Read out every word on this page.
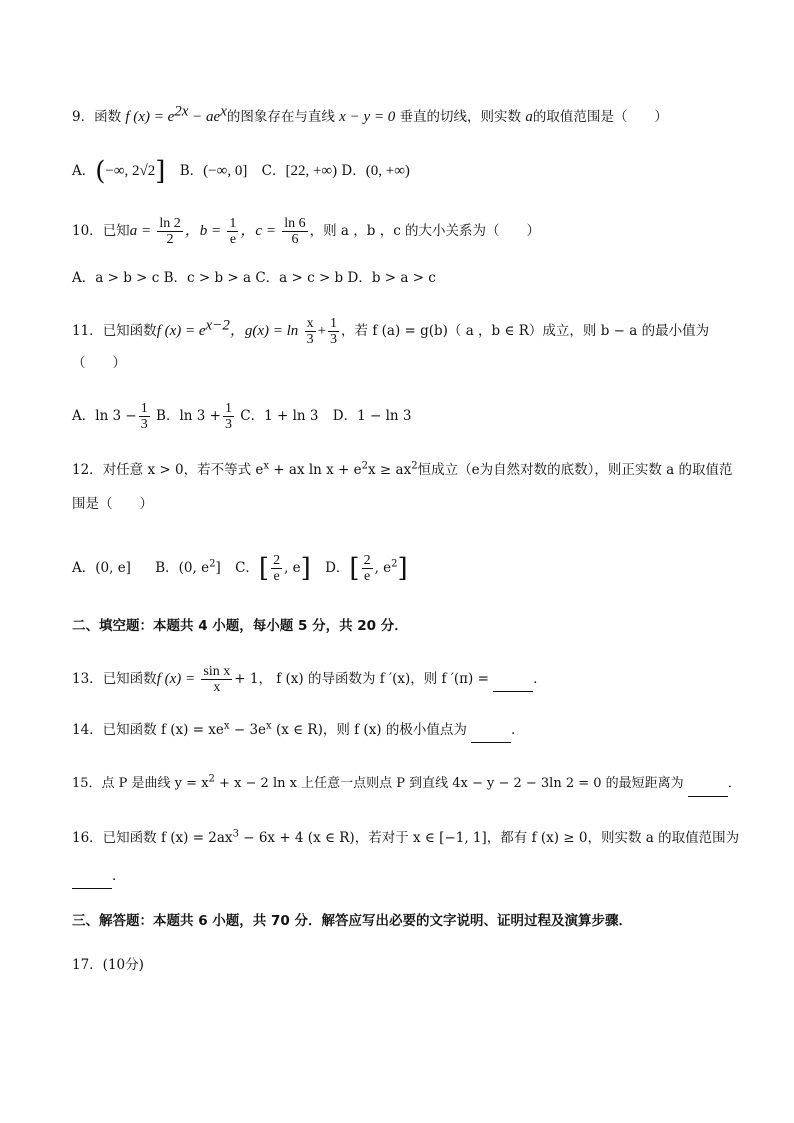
9．函数 f $(x) = e^{2x} - ae^x$的图象存在与直线 x − y = 0 垂直的切线，则实数 a的取值范围是（　　）
A．(−∞, 2√2] B．(−∞, 0] C．[22, +∞) D．(0, +∞)
10．已知$a = \frac{\ln 2}{2}$ ，$b = \frac{1}{e}$ ，$c = \frac{\ln 6}{6}$ ，则 a ，b ，c 的大小关系为（　　）
A．a > b > c B．c > b > a C．a > c > b D．b > a > c
11．已知函数f $(x) = e^{x-2}$，$g(x) = \ln \frac{x}{3} + \frac{1}{3}$ ，若 f (a) = g(b)（ a ，b ∈ R）成立，则 b − a 的最小值为
（　　）
A．$\ln 3 - \frac{1}{3}$ B．$\ln 3 + \frac{1}{3}$ C．1 + ln 3 D．1 − ln 3
12．对任意 x > 0，若不等式 $e^x$ + ax $\ln x + e^2x \ge ax^2$恒成立（e为自然对数的底数），则正实数 a 的取值范
围是（　　）
A．(0, e] B．(0, $e^2$] C．[ $\frac{2}{e}$ , e] D．[ $\frac{2}{e}$ , $e^2$]
二、填空题：本题共 4 小题，每小题 5 分，共 20 分．
13．已知函数f $(x) = \frac{\text{sin x}}{x} + 1$， f (x) 的导函数为 f ′(x)，则 f ′(π) =	．
14．已知函数 f $(x) = xe^x - 3e^x$ (x ∈ R)，则 f (x) 的极小值点为	．
15．点 P 是曲线 $y = x^2 + x - 2$ ln x 上任意一点则点 P 到直线 4x − y − 2 − 3ln 2 = 0 的最短距离为	．
16．已知函数 f $(x) = 2ax^3 - 6x + 4$ (x ∈ R)，若对于 x ∈ [−1, 1]，都有 f (x) ≥ 0，则实数 a 的取值范围为
．
三、解答题：本题共 6 小题，共 70 分．解答应写出必要的文字说明、证明过程及演算步骤．
17．(10分)
